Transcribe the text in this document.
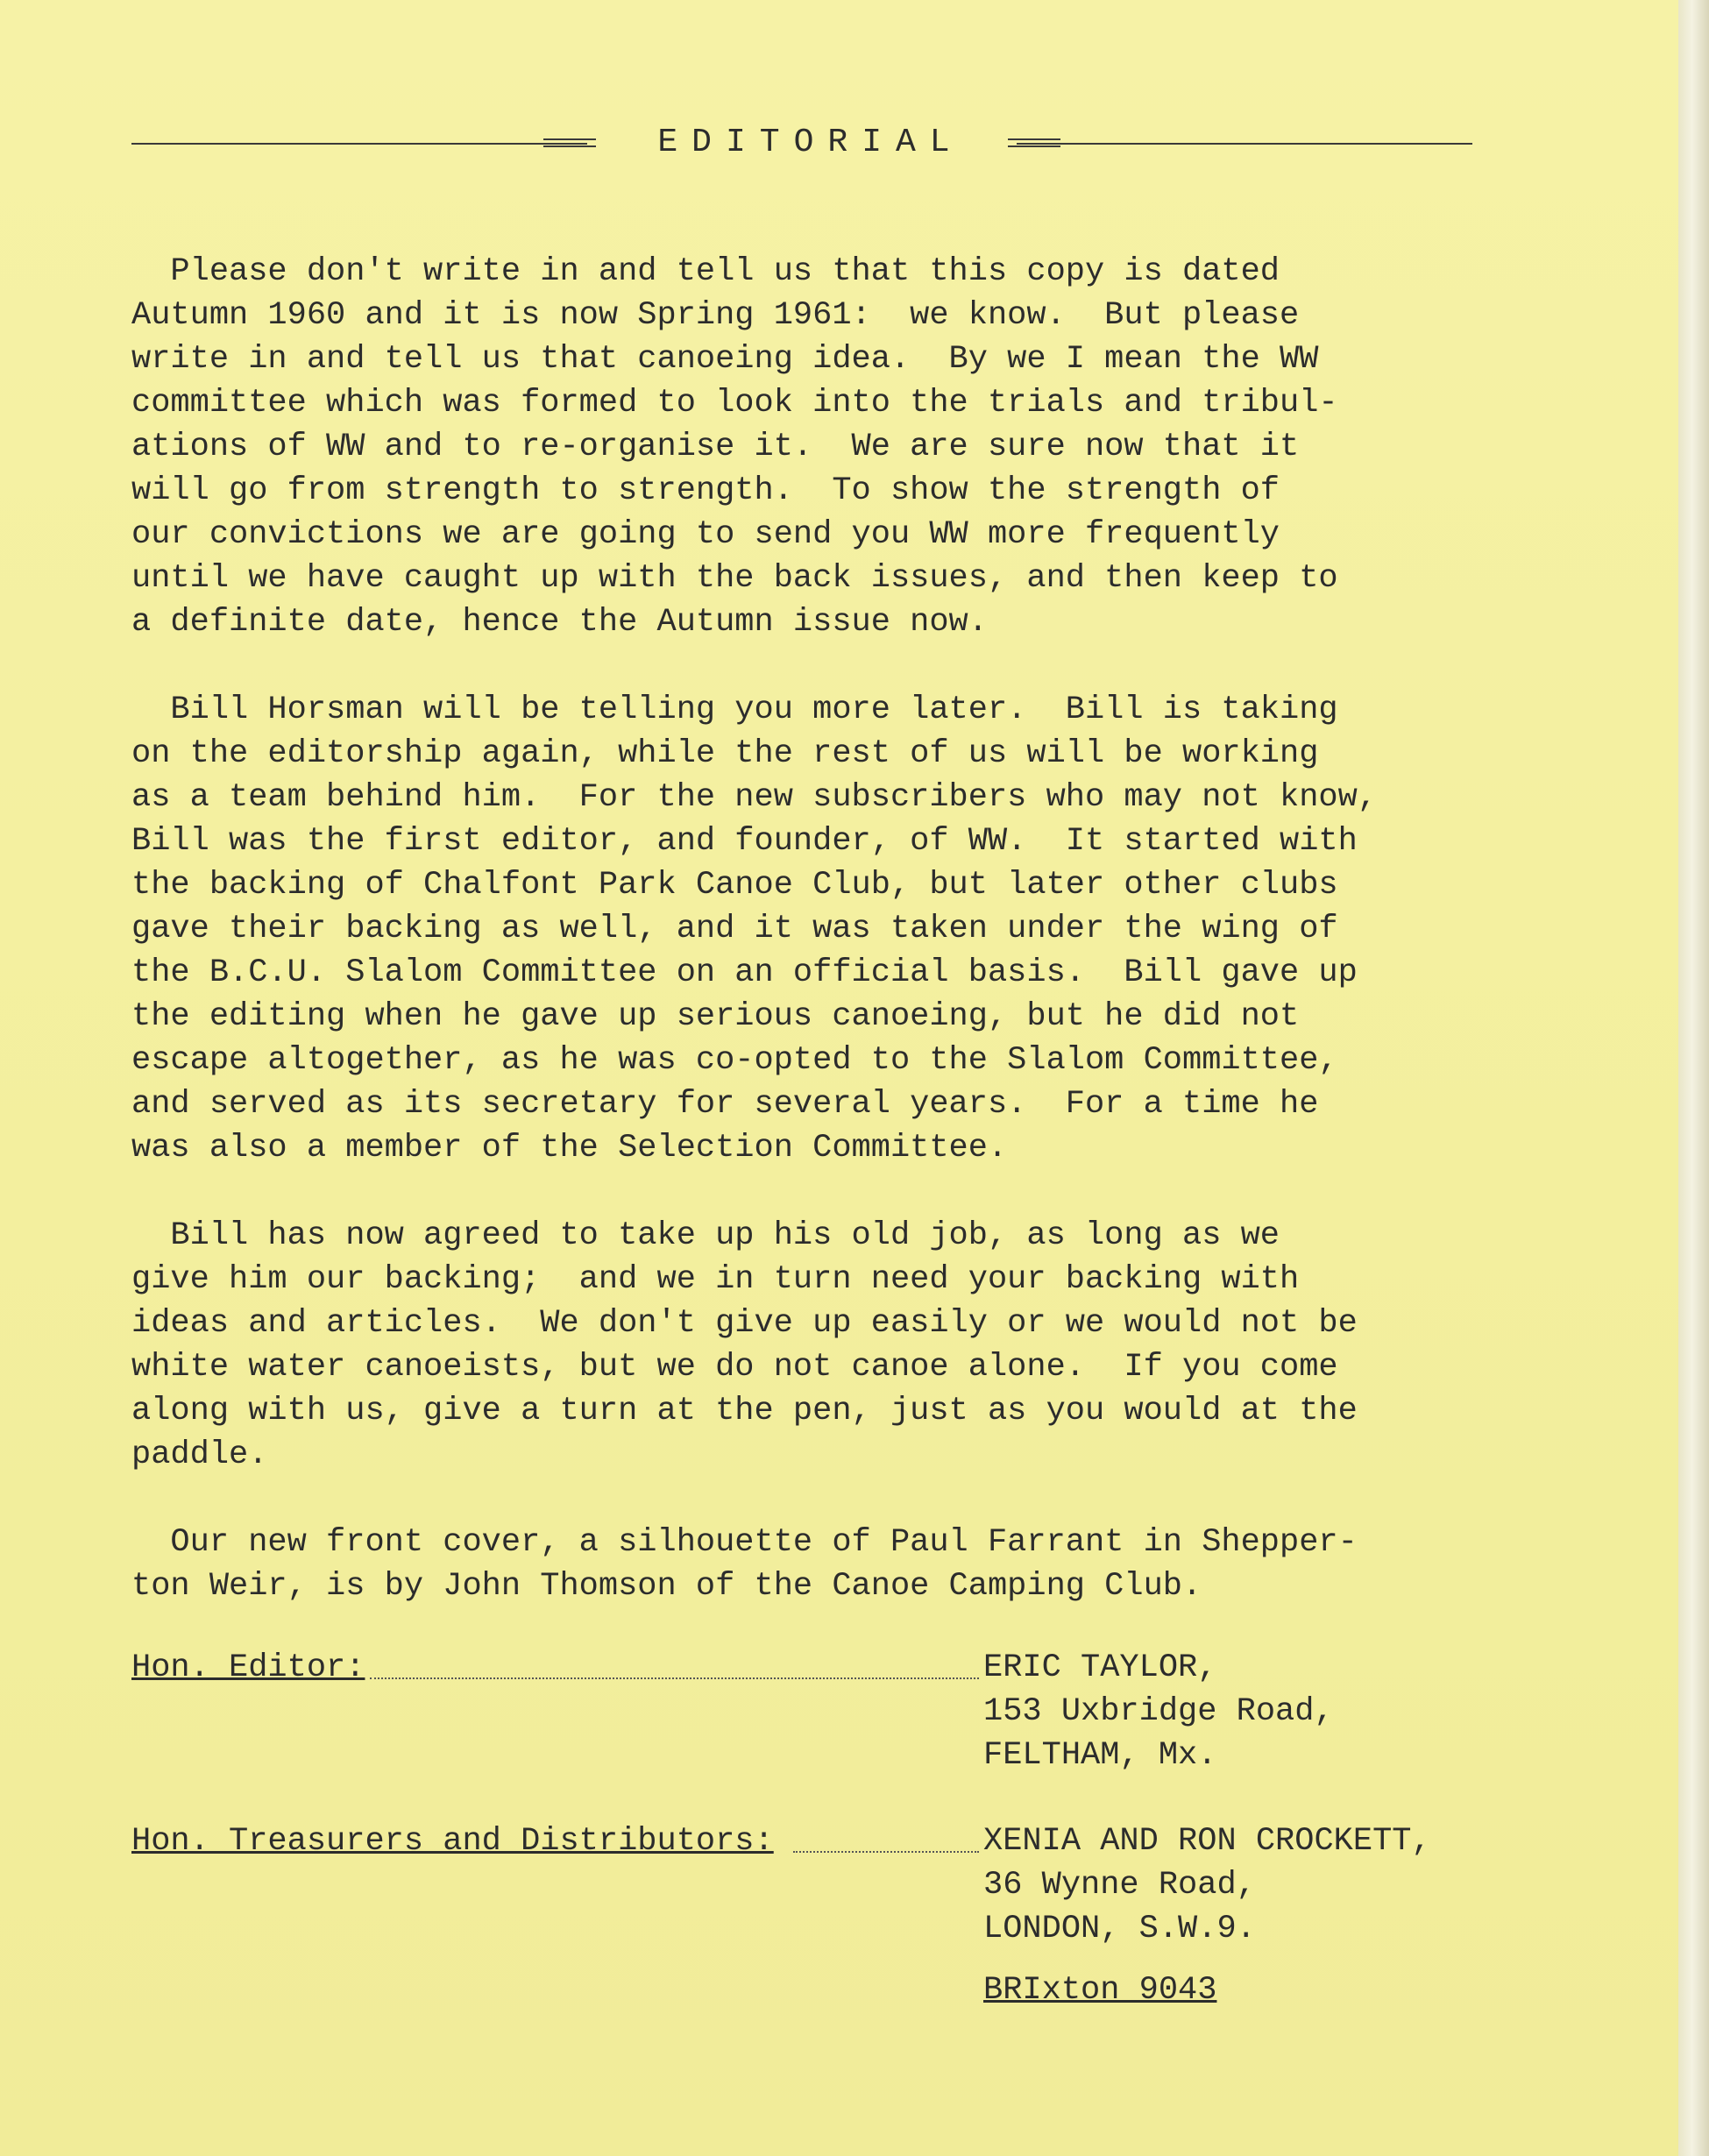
EDITORIAL

Please don't write in and tell us that this copy is dated
Autumn 1960 and it is now Spring 1961:  we know.  But please
write in and tell us that canoeing idea.  By we I mean the WW
committee which was formed to look into the trials and tribul-
ations of WW and to re-organise it.  We are sure now that it
will go from strength to strength.  To show the strength of
our convictions we are going to send you WW more frequently
until we have caught up with the back issues, and then keep to
a definite date, hence the Autumn issue now.

Bill Horsman will be telling you more later.  Bill is taking
on the editorship again, while the rest of us will be working
as a team behind him.  For the new subscribers who may not know,
Bill was the first editor, and founder, of WW.  It started with
the backing of Chalfont Park Canoe Club, but later other clubs
gave their backing as well, and it was taken under the wing of
the B.C.U. Slalom Committee on an official basis.  Bill gave up
the editing when he gave up serious canoeing, but he did not
escape altogether, as he was co-opted to the Slalom Committee,
and served as its secretary for several years.  For a time he
was also a member of the Selection Committee.

Bill has now agreed to take up his old job, as long as we
give him our backing;  and we in turn need your backing with
ideas and articles.  We don't give up easily or we would not be
white water canoeists, but we do not canoe alone.  If you come
along with us, give a turn at the pen, just as you would at the
paddle.

Our new front cover, a silhouette of Paul Farrant in Shepper-
ton Weir, is by John Thomson of the Canoe Camping Club.

Hon. Editor:	ERIC TAYLOR,
153 Uxbridge Road,
FELTHAM, Mx.
Hon. Treasurers and Distributors:	XENIA AND RON CROCKETT,
36 Wynne Road,
LONDON, S.W.9.
BRIxton 9043
